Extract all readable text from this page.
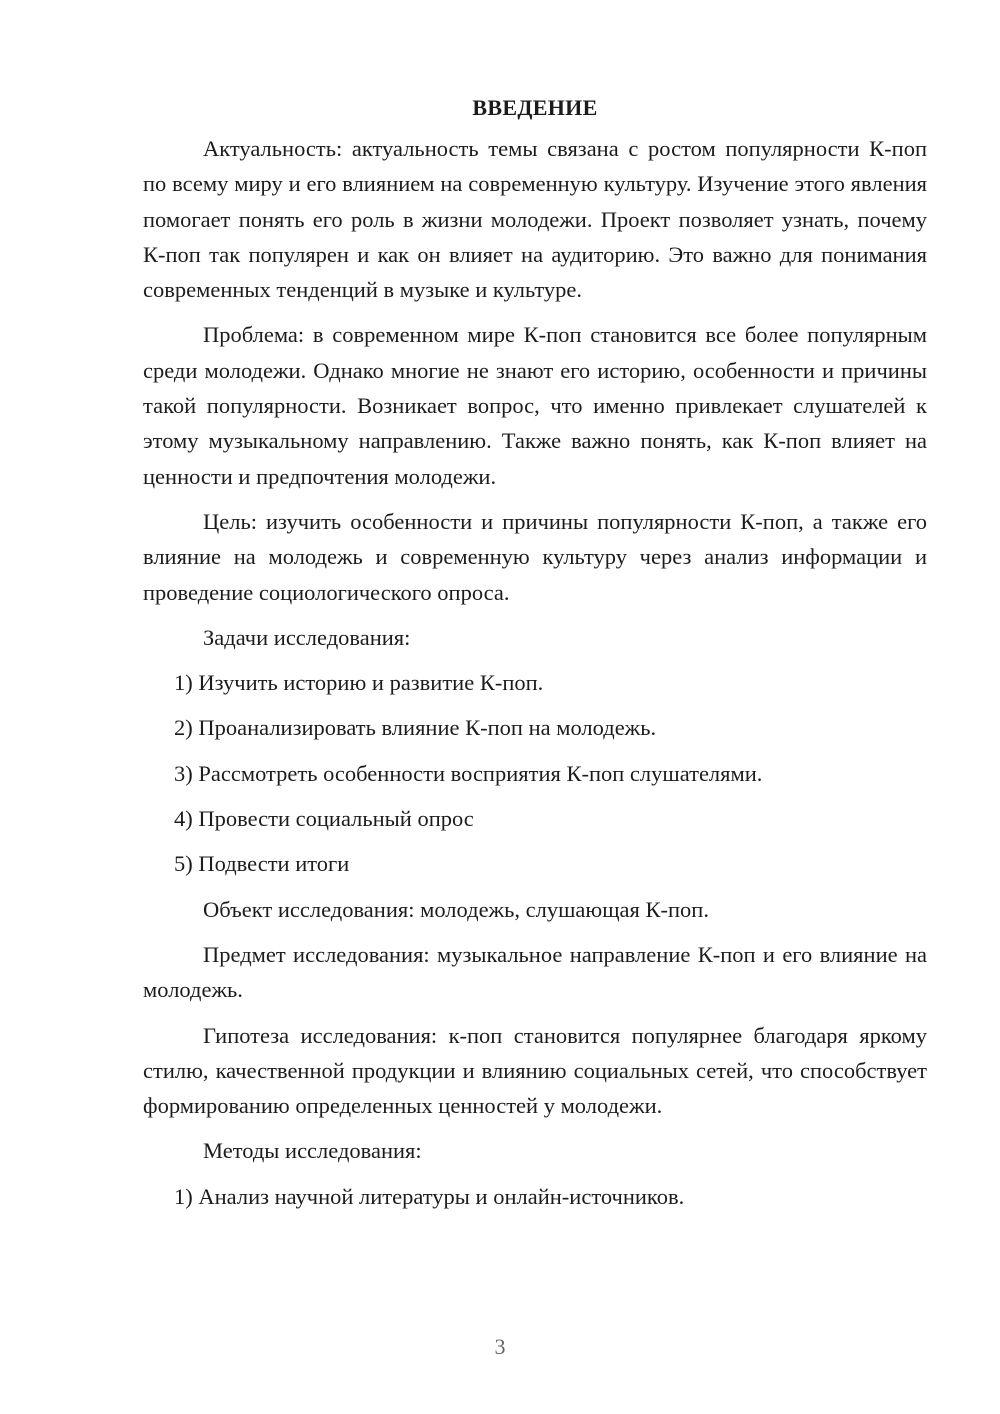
ВВЕДЕНИЕ

Актуальность: актуальность темы связана с ростом популярности К-поп по всему миру и его влиянием на современную культуру. Изучение этого явления помогает понять его роль в жизни молодежи. Проект позволяет узнать, почему К-поп так популярен и как он влияет на аудиторию. Это важно для понимания современных тенденций в музыке и культуре.

Проблема: в современном мире К-поп становится все более популярным среди молодежи. Однако многие не знают его историю, особенности и причины такой популярности. Возникает вопрос, что именно привлекает слушателей к этому музыкальному направлению. Также важно понять, как К-поп влияет на ценности и предпочтения молодежи.

Цель: изучить особенности и причины популярности К-поп, а также его влияние на молодежь и современную культуру через анализ информации и проведение социологического опроса.

Задачи исследования:

1) Изучить историю и развитие К-поп.
2) Проанализировать влияние К-поп на молодежь.
3) Рассмотреть особенности восприятия К-поп слушателями.
4) Провести социальный опрос
5) Подвести итоги

Объект исследования: молодежь, слушающая К-поп.

Предмет исследования: музыкальное направление К-поп и его влияние на молодежь.

Гипотеза исследования: к-поп становится популярнее благодаря яркому стилю, качественной продукции и влиянию социальных сетей, что способствует формированию определенных ценностей у молодежи.

Методы исследования:

1) Анализ научной литературы и онлайн-источников.
3
